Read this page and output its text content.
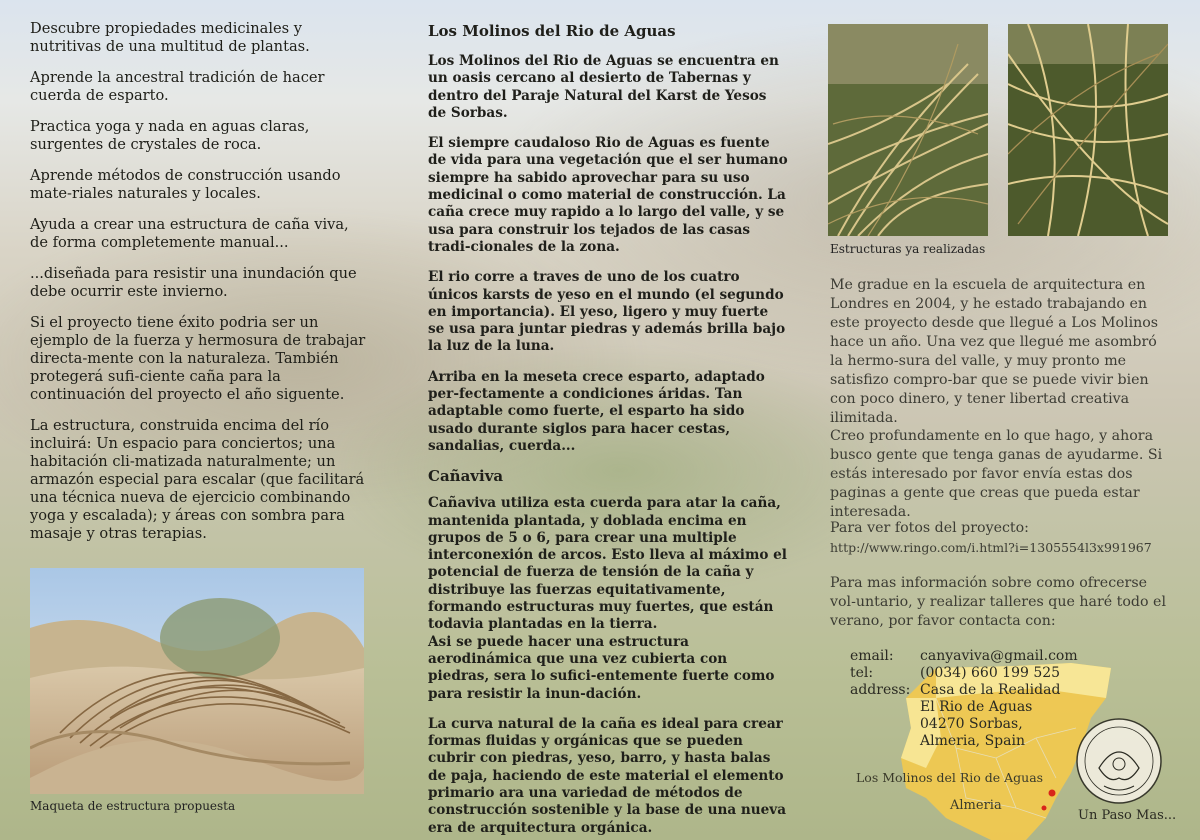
Descubre propiedades medicinales y nutritivas de una multitud de plantas.

Aprende la ancestral tradición de hacer cuerda de esparto.

Practica yoga y nada en aguas claras, surgentes de crystales de roca.

Aprende métodos de construcción usando mate-riales naturales y locales.

Ayuda a crear una estructura de caña viva, de forma completemente manual...

...diseñada para resistir una inundación que debe ocurrir este invierno.

Si el proyecto tiene éxito podria ser un ejemplo de la fuerza y hermosura de trabajar directa-mente con la naturaleza. También protegerá sufi-ciente caña para la continuación del proyecto el año siguente.

La estructura, construida encima del río incluirá: Un espacio para conciertos; una habitación cli-matizada naturalmente; un armazón especial para escalar (que facilitará una técnica nueva de ejercicio combinando yoga y escalada); y áreas con sombra para masaje y otras terapias.

Maqueta de estructura propuesta
Los Molinos del Rio de Aguas

Los Molinos del Rio de Aguas se encuentra en un oasis cercano al desierto de Tabernas y dentro del Paraje Natural del Karst de Yesos de Sorbas.

El siempre caudaloso Rio de Aguas es fuente de vida para una vegetación que el ser humano siempre ha sabido aprovechar para su uso medicinal o como material de construcción. La caña crece muy rapido a lo largo del valle, y se usa para construir los tejados de las casas tradi-cionales de la zona.

El rio corre a traves de uno de los cuatro únicos karsts de yeso en el mundo (el segundo en importancia). El yeso, ligero y muy fuerte se usa para juntar piedras y además brilla bajo la luz de la luna.

Arriba en la meseta crece esparto, adaptado per-fectamente a condiciones áridas. Tan adaptable como fuerte, el esparto ha sido usado durante siglos para hacer cestas, sandalias, cuerda...

Cañaviva

Cañaviva utiliza esta cuerda para atar la caña, mantenida plantada, y doblada encima en grupos de 5 o 6, para crear una multiple interconexión de arcos. Esto lleva al máximo el potencial de fuerza de tensión de la caña y distribuye las fuerzas equitativamente, formando estructuras muy fuertes, que están todavia plantadas en la tierra.

Asi se puede hacer una estructura aerodinámica que una vez cubierta con piedras, sera lo sufici-entemente fuerte como para resistir la inun-dación.

La curva natural de la caña es ideal para crear formas fluidas y orgánicas que se pueden cubrir con piedras, yeso, barro, y hasta balas de paja, haciendo de este material el elemento primario ara una variedad de métodos de construcción sostenible y la base de una nueva era de arquitectura orgánica.

Estructuras ya realizadas

Me gradue en la escuela de arquitectura en Londres en 2004, y he estado trabajando en este proyecto desde que llegué a Los Molinos hace un año. Una vez que llegué me asombró la hermo-sura del valle, y muy pronto me satisfizo compro-bar que se puede vivir bien con poco dinero, y tener libertad creativa ilimitada.

Creo profundamente en lo que hago, y ahora busco gente que tenga ganas de ayudarme. Si estás interesado por favor envía estas dos paginas a gente que creas que pueda estar interesada.

Para ver fotos del proyecto:

http://www.ringo.com/i.html?i=1305554l3x991967

Para mas información sobre como ofrecerse vol-untario, y realizar talleres que haré todo el verano, por favor contacta con:

email:	canyaviva@gmail.com
tel:	(0034) 660 199 525
address: Casa de la Realidad
El Rio de Aguas
04270 Sorbas,
Almeria, Spain
Los Molinos del Rio de Aguas
Almeria
Un Paso Mas...
